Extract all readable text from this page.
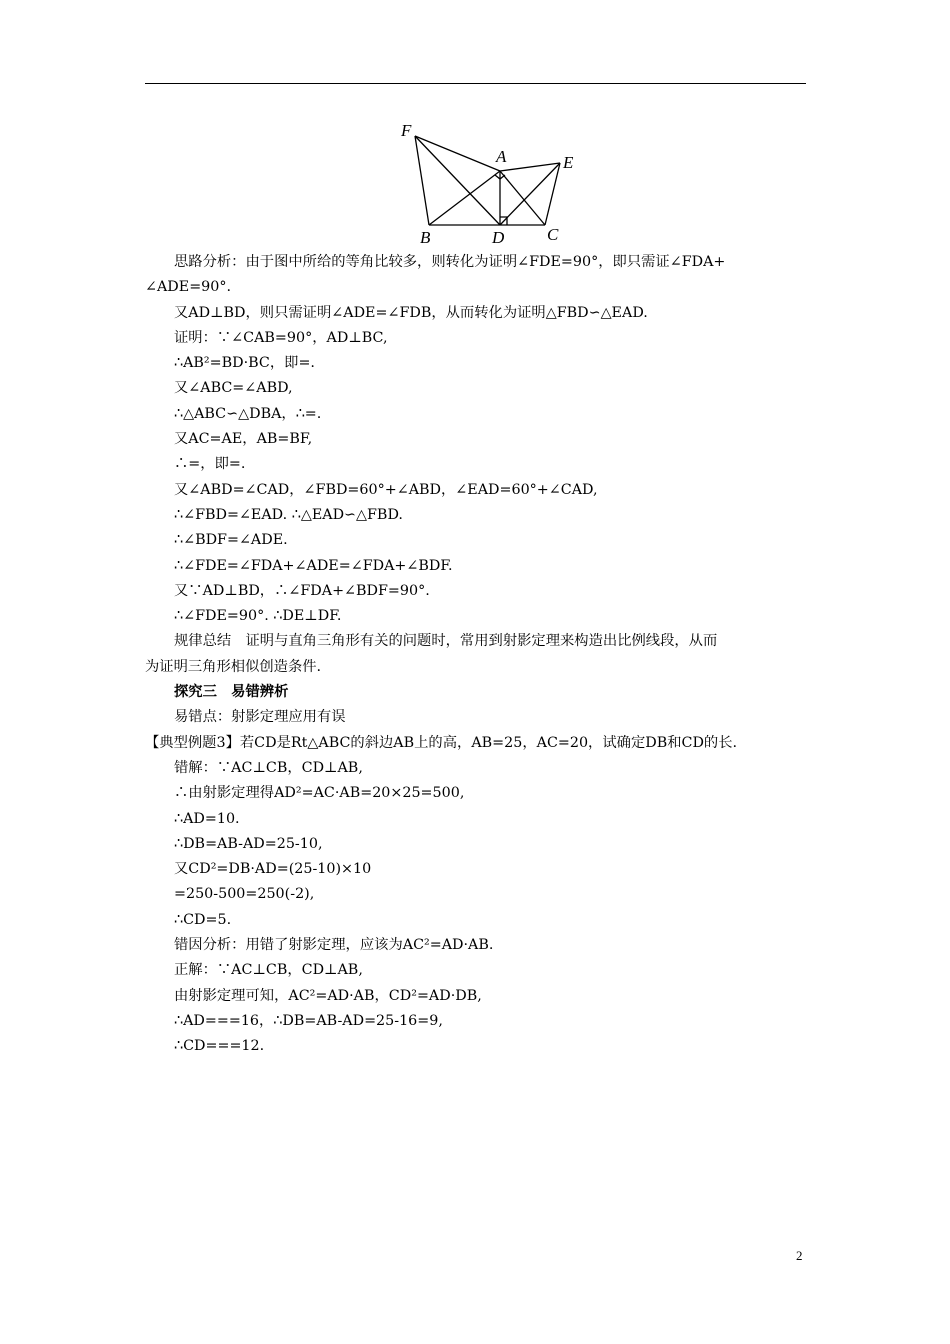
F
A	E
B	D	C
思路分析：由于图中所给的等角比较多，则转化为证明∠FDE=90°，即只需证∠FDA+
∠ADE=90°.
又AD⊥BD，则只需证明∠ADE=∠FDB，从而转化为证明△FBD∽△EAD.
证明：∵∠CAB=90°，AD⊥BC,
∴AB²=BD·BC，即=.
又∠ABC=∠ABD,
∴△ABC∽△DBA，∴=.
又AC=AE，AB=BF,
∴=，即=.
又∠ABD=∠CAD，∠FBD=60°+∠ABD，∠EAD=60°+∠CAD,
∴∠FBD=∠EAD. ∴△EAD∽△FBD.
∴∠BDF=∠ADE.
∴∠FDE=∠FDA+∠ADE=∠FDA+∠BDF.
又∵AD⊥BD，∴∠FDA+∠BDF=90°.
∴∠FDE=90°. ∴DE⊥DF.
规律总结　证明与直角三角形有关的问题时，常用到射影定理来构造出比例线段，从而
为证明三角形相似创造条件.
探究三　易错辨析
易错点：射影定理应用有误
【典型例题3】若CD是Rt△ABC的斜边AB上的高，AB=25，AC=20，试确定DB和CD的长.
错解：∵AC⊥CB，CD⊥AB,
∴由射影定理得AD²=AC·AB=20×25=500,
∴AD=10.
∴DB=AB-AD=25-10,
又CD²=DB·AD=(25-10)×10
=250-500=250(-2),
∴CD=5.
错因分析：用错了射影定理，应该为AC²=AD·AB.
正解：∵AC⊥CB，CD⊥AB,
由射影定理可知，AC²=AD·AB，CD²=AD·DB,
∴AD===16，∴DB=AB-AD=25-16=9,
∴CD===12.
2
